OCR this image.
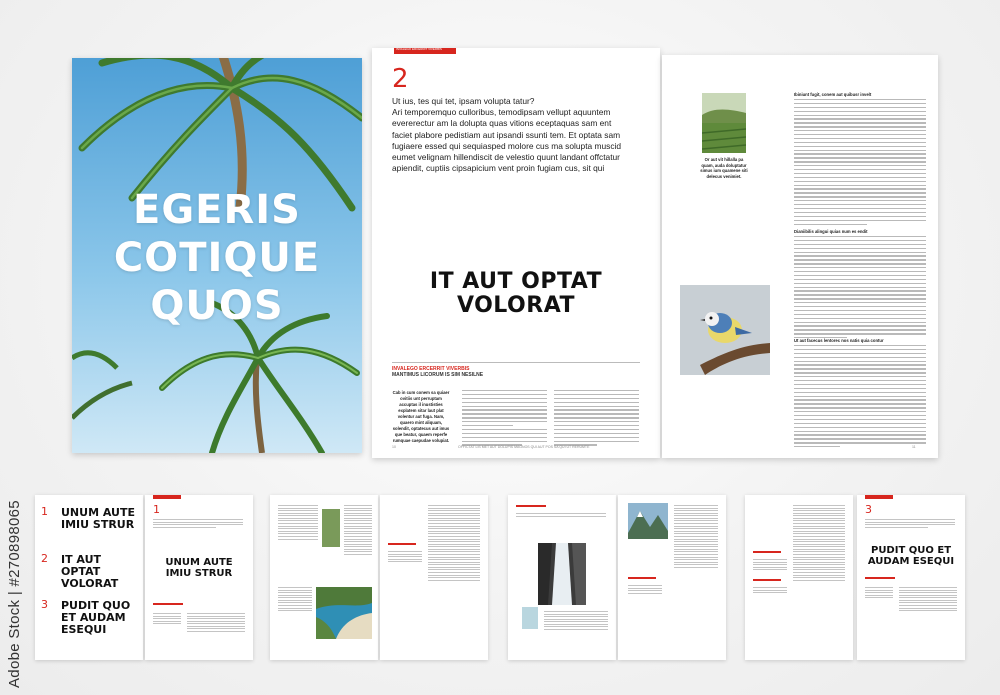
EGERIS
COTIQUE
QUOS
INVALEGO ERCERRIT VIVERBIS
2

Ut ius, tes qui tet, ipsam volupta tatur?

Ari temporemquo culloribus, temodipsam vellupt aquuntem evererectur am la dolupta quas vitions eceptaquas sam ent faciet plabore pedistiam aut ipsandi ssunti tem. Et optata sam fugiaere essed qui sequiasped molore cus ma solupta muscid eumet velignam hillendiscit de velestio quunt landant offctatur apiendit, cuptiis cipsapicium vent proin fugiam cus, sit qui

IT AUT OPTAT
VOLORAT
INVALEGO ERCERRIT VIVERBIS
MANTIMUS LICORUM IS SIM NESILNE
Cab in cum conem sa quiaer ovitiis unt perruptam accuptas il inustisties explatem sitar laut plat volentur aut fuga. Nam, quaero mint aliquam, solendit, optatecus aut imus que beatur, quaem reperfe rumquae caepudae volupiat.
OFFICTAT LIS MET AUT DOLUPIS MAGNOS QUI AUT POS SA QUI UT RERUMTE
10
Or aut vit hillalla pa quam, auda doluptatur simus ium quamene siti delecus venimiet.
Ibiniunt fugit, conem aut quibusr invelt
Dianiibilis alingui quias num es endit
Ut aut facecus lentorec nos natis quia contur
11
1 UNUM AUTE
IMIU STRUR
2 IT AUT
OPTAT
VOLORAT
3 PUDIT QUO
ET AUDAM
ESEQUI
1
UNUM AUTE
IMIU STRUR
3
PUDIT QUO ET
AUDAM ESEQUI
Adobe Stock | #270898065
